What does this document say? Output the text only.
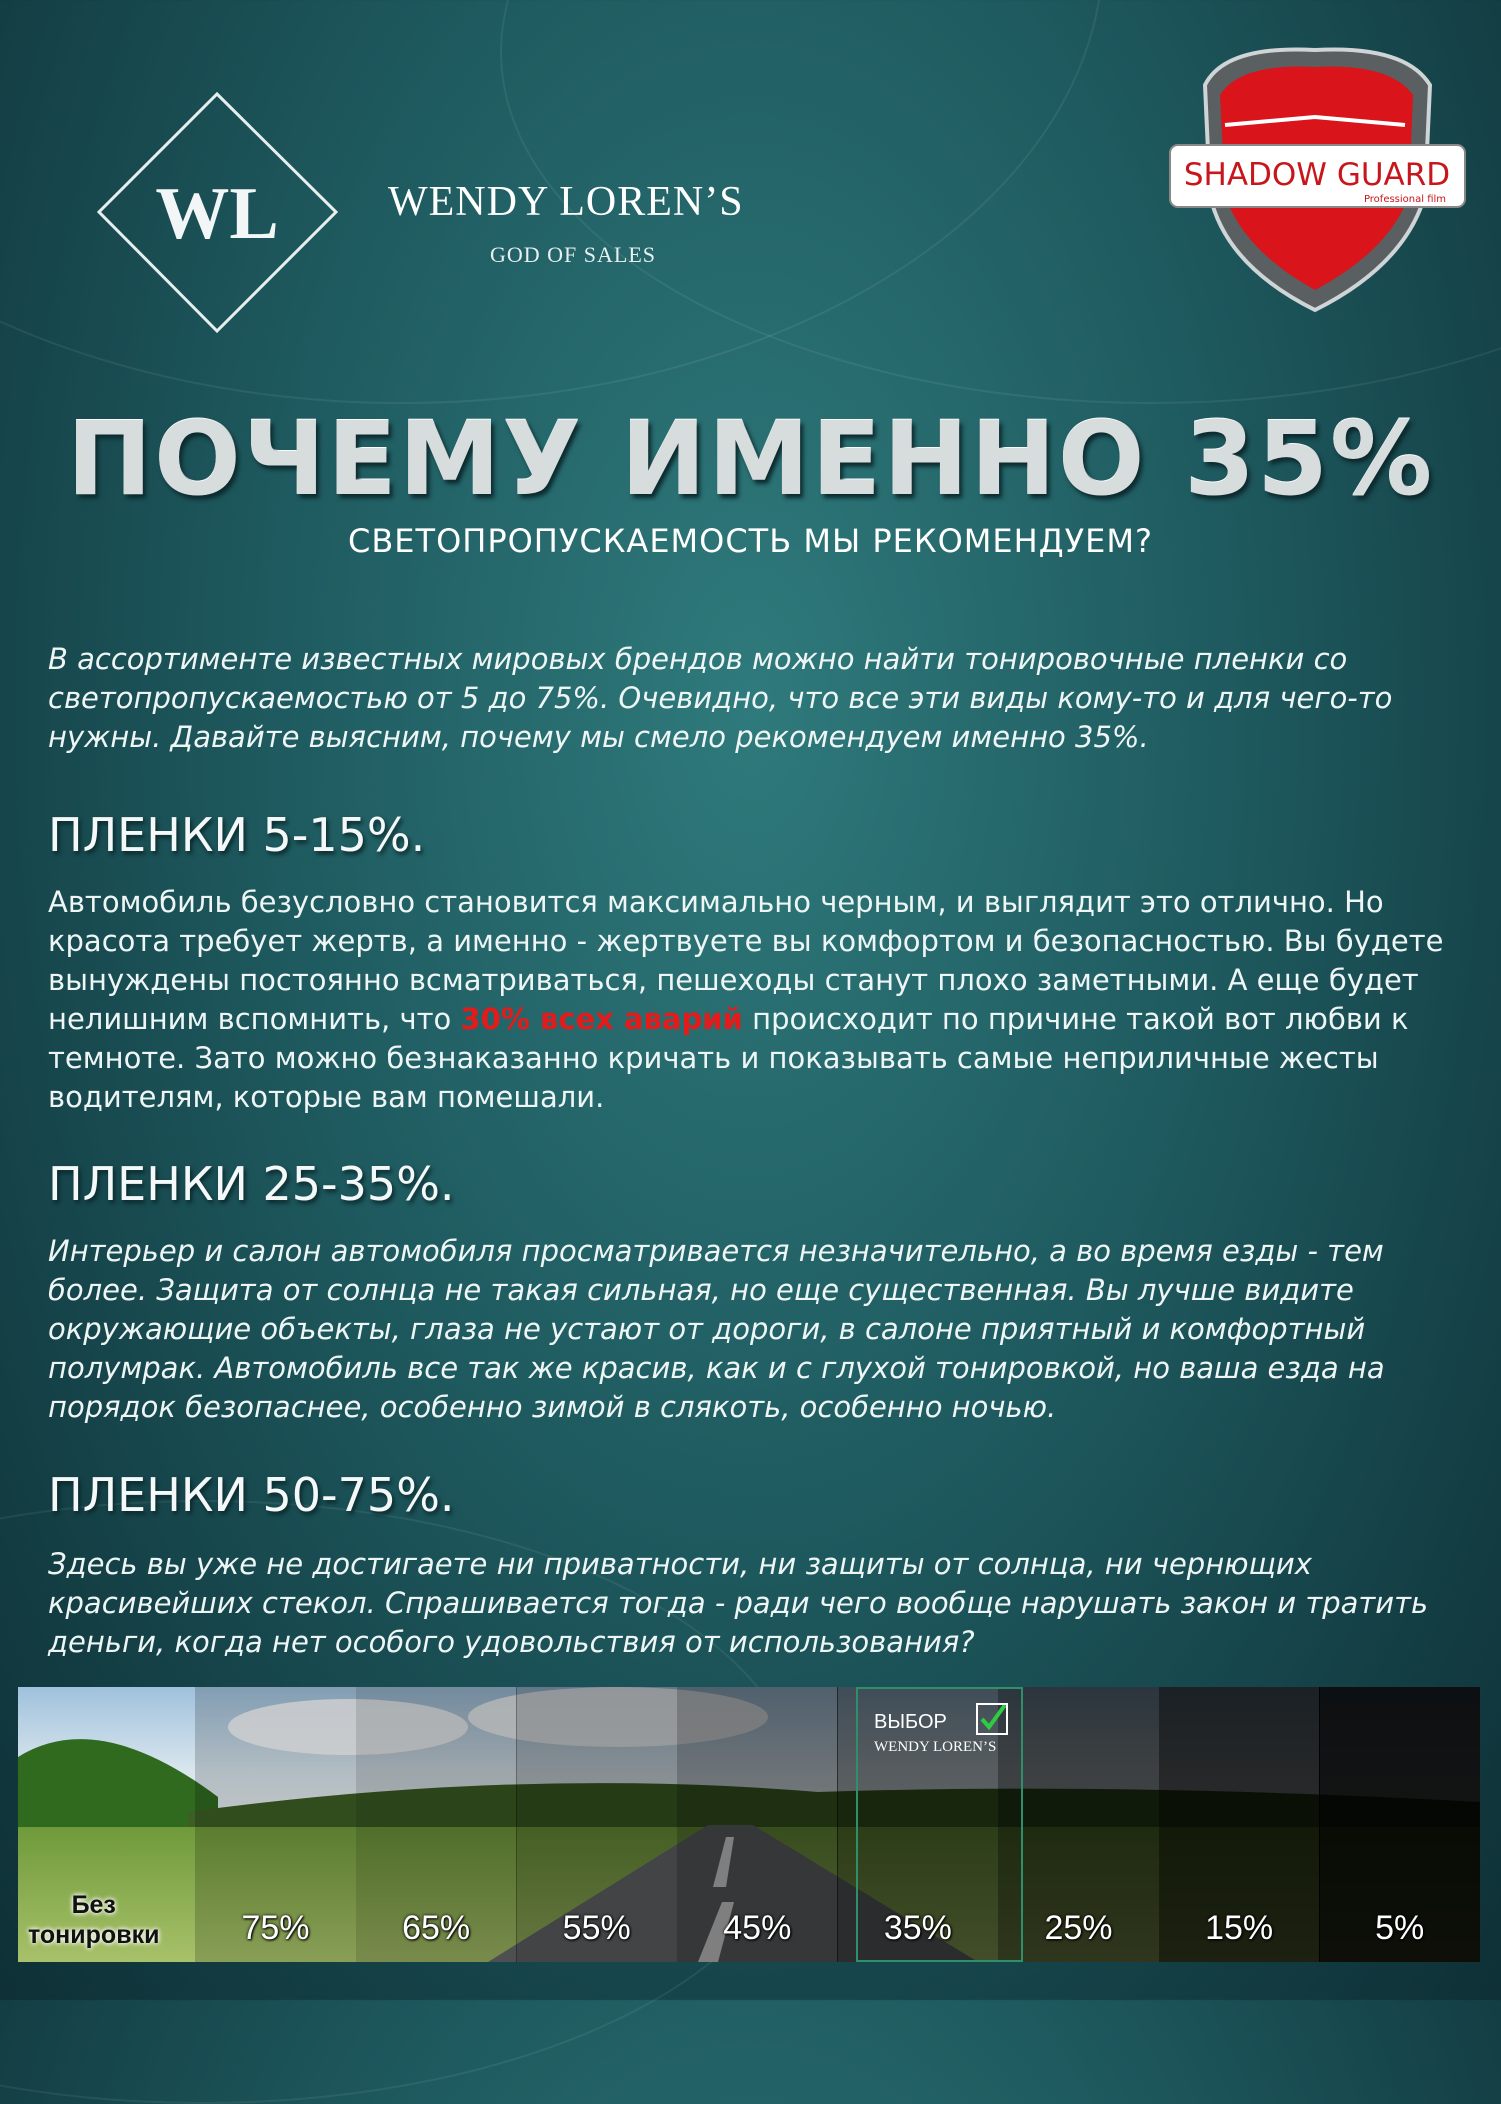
WL	WENDY LOREN’S
GOD OF SALES
SHADOW GUARD
Professional film
ПОЧЕМУ ИМЕННО 35%
СВЕТОПРОПУСКАЕМОСТЬ МЫ РЕКОМЕНДУЕМ?
В ассортименте известных мировых брендов можно найти тонировочные пленки со светопропускаемостью от 5 до 75%. Очевидно, что все эти виды кому-то и для чего-то нужны. Давайте выясним, почему мы смело рекомендуем именно 35%.
ПЛЕНКИ 5-15%.
Автомобиль безусловно становится максимально черным, и выглядит это отлично. Но красота требует жертв, а именно - жертвуете вы комфортом и безопасностью. Вы будете вынуждены постоянно всматриваться, пешеходы станут плохо заметными. А еще будет нелишним вспомнить, что 30% всех аварий происходит по причине такой вот любви к темноте. Зато можно безнаказанно кричать и показывать самые неприличные жесты водителям, которые вам помешали.
ПЛЕНКИ 25-35%.
Интерьер и салон автомобиля просматривается незначительно, а во время езды - тем более. Защита от солнца не такая сильная, но еще существенная. Вы лучше видите окружающие объекты, глаза не устают от дороги, в салоне приятный и комфортный полумрак. Автомобиль все так же красив, как и с глухой тонировкой, но ваша езда на порядок безопаснее, особенно зимой в слякоть, особенно ночью.
ПЛЕНКИ 50-75%.
Здесь вы уже не достигаете ни приватности, ни защиты от солнца, ни чернющих красивейших стекол. Спрашивается тогда - ради чего вообще нарушать закон и тратить деньги, когда нет особого удовольствия от использования?
75%	65%	55%	45%	35%	25%	15%	5%
Без
тонировки
ВЫБОР
WENDY LOREN’S
